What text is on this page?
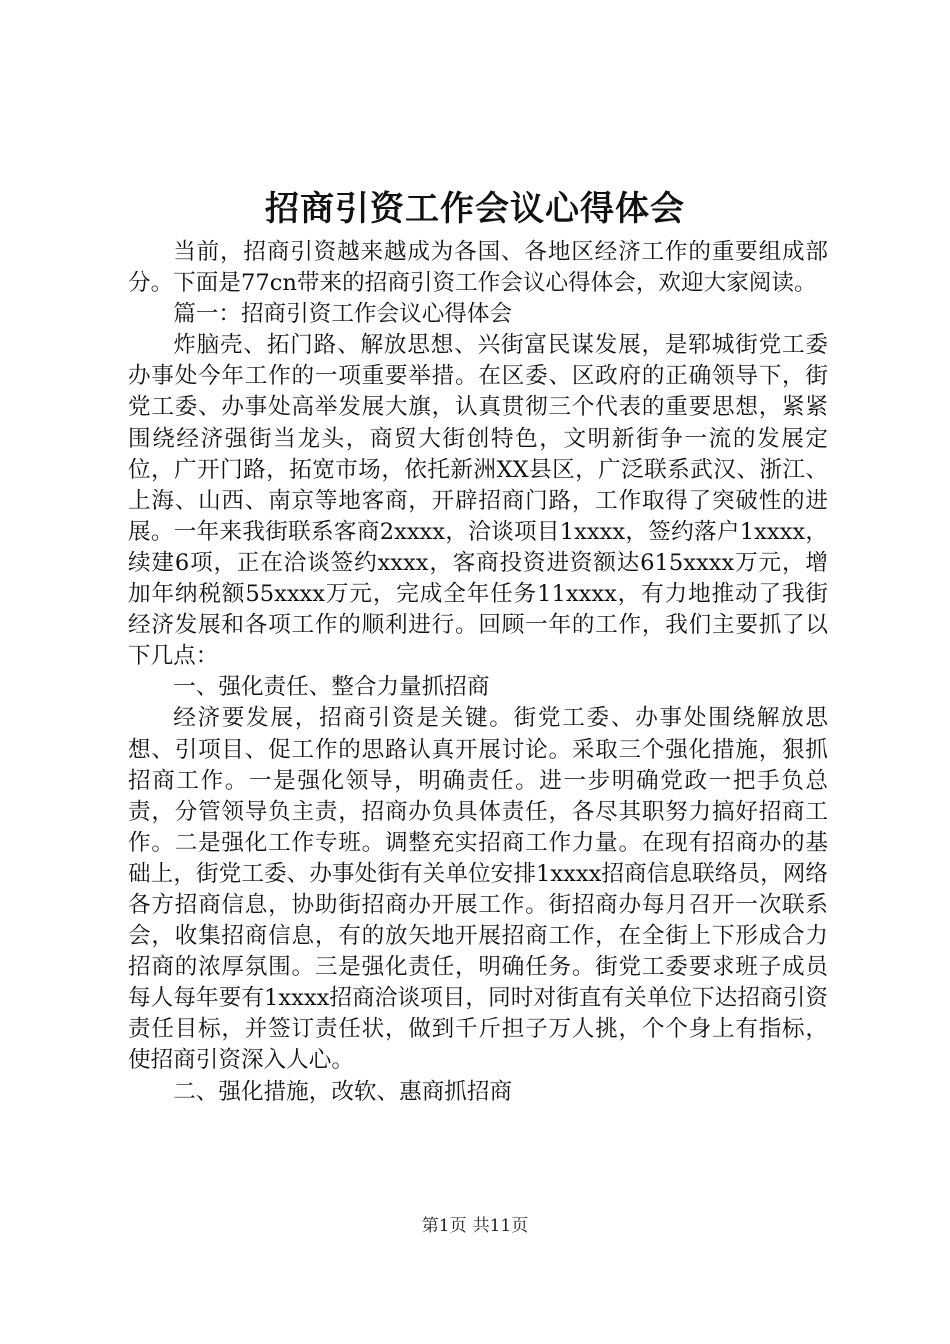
招商引资工作会议心得体会

当前，招商引资越来越成为各国、各地区经济工作的重要组成部分。下面是77cn带来的招商引资工作会议心得体会，欢迎大家阅读。

篇一：招商引资工作会议心得体会

炸脑壳、拓门路、解放思想、兴街富民谋发展，是郓城街党工委办事处今年工作的一项重要举措。在区委、区政府的正确领导下，街党工委、办事处高举发展大旗，认真贯彻三个代表的重要思想，紧紧围绕经济强街当龙头，商贸大街创特色，文明新街争一流的发展定位，广开门路，拓宽市场，依托新洲XX县区，广泛联系武汉、浙江、上海、山西、南京等地客商，开辟招商门路，工作取得了突破性的进展。一年来我街联系客商2xxxx，洽谈项目1xxxx，签约落户1xxxx，续建6项，正在洽谈签约xxxx，客商投资进资额达615xxxx万元，增加年纳税额55xxxx万元，完成全年任务11xxxx，有力地推动了我街经济发展和各项工作的顺利进行。回顾一年的工作，我们主要抓了以下几点：

一、强化责任、整合力量抓招商

经济要发展，招商引资是关键。街党工委、办事处围绕解放思想、引项目、促工作的思路认真开展讨论。采取三个强化措施，狠抓招商工作。一是强化领导，明确责任。进一步明确党政一把手负总责，分管领导负主责，招商办负具体责任，各尽其职努力搞好招商工作。二是强化工作专班。调整充实招商工作力量。在现有招商办的基础上，街党工委、办事处街有关单位安排1xxxx招商信息联络员，网络各方招商信息，协助街招商办开展工作。街招商办每月召开一次联系会，收集招商信息，有的放矢地开展招商工作，在全街上下形成合力招商的浓厚氛围。三是强化责任，明确任务。街党工委要求班子成员每人每年要有1xxxx招商洽谈项目，同时对街直有关单位下达招商引资责任目标，并签订责任状，做到千斤担子万人挑，个个身上有指标，使招商引资深入人心。

二、强化措施，改软、惠商抓招商

第1页 共11页
